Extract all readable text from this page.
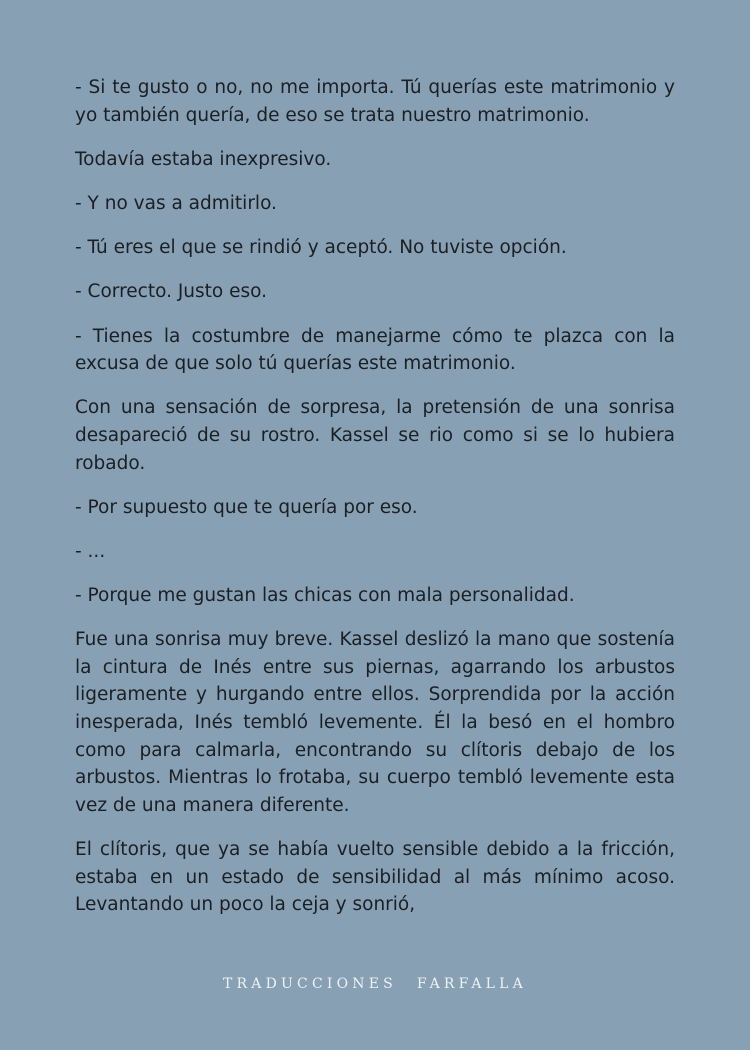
- Si te gusto o no, no me importa. Tú querías este matrimonio y yo también quería, de eso se trata nuestro matrimonio.

Todavía estaba inexpresivo.

- Y no vas a admitirlo.

- Tú eres el que se rindió y aceptó. No tuviste opción.

- Correcto. Justo eso.

- Tienes la costumbre de manejarme cómo te plazca con la excusa de que solo tú querías este matrimonio.

Con una sensación de sorpresa, la pretensión de una sonrisa desapareció de su rostro. Kassel se rio como si se lo hubiera robado.

- Por supuesto que te quería por eso.

- ...

- Porque me gustan las chicas con mala personalidad.

Fue una sonrisa muy breve. Kassel deslizó la mano que sostenía la cintura de Inés entre sus piernas, agarrando los arbustos ligeramente y hurgando entre ellos. Sorprendida por la acción inesperada, Inés tembló levemente. Él la besó en el hombro como para calmarla, encontrando su clítoris debajo de los arbustos. Mientras lo frotaba, su cuerpo tembló levemente esta vez de una manera diferente.

El clítoris, que ya se había vuelto sensible debido a la fricción, estaba en un estado de sensibilidad al más mínimo acoso. Levantando un poco la ceja y sonrió,

TRADUCCIONES FARFALLA
